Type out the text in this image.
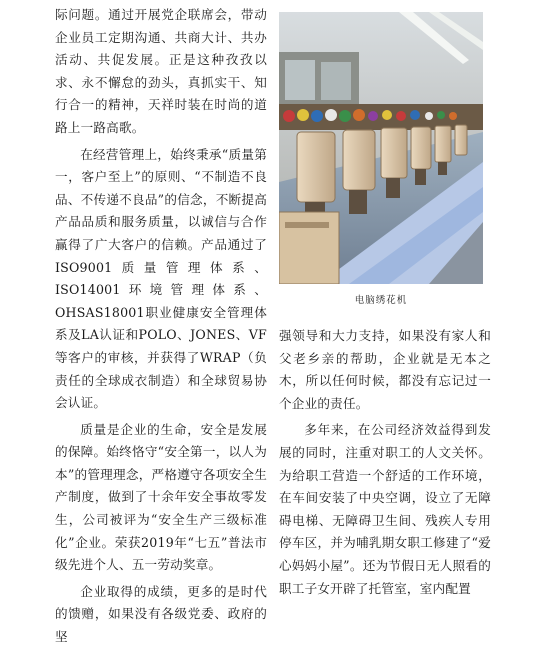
际问题。通过开展党企联席会，带动企业员工定期沟通、共商大计、共办活动、共促发展。正是这种孜孜以求、永不懈怠的劲头，真抓实干、知行合一的精神，天祥时装在时尚的道路上一路高歌。

在经营管理上，始终秉承“质量第一，客户至上”的原则、“不制造不良品、不传递不良品”的信念，不断提高产品品质和服务质量，以诚信与合作赢得了广大客户的信赖。产品通过了ISO9001质量管理体系、ISO14001环境管理体系、OHSAS18001职业健康安全管理体系及LA认证和POLO、JONES、VF等客户的审核，并获得了WRAP（负责任的全球成衣制造）和全球贸易协会认证。

质量是企业的生命，安全是发展的保障。始终恪守“安全第一，以人为本”的管理理念，严格遵守各项安全生产制度，做到了十余年安全事故零发生，公司被评为“安全生产三级标准化”企业。荣获2019年“七五”普法市级先进个人、五一劳动奖章。

企业取得的成绩，更多的是时代的馈赠，如果没有各级党委、政府的坚

电脑绣花机

强领导和大力支持，如果没有家人和父老乡亲的帮助，企业就是无本之木，所以任何时候，都没有忘记过一个企业的责任。

多年来，在公司经济效益得到发展的同时，注重对职工的人文关怀。为给职工营造一个舒适的工作环境，在车间安装了中央空调，设立了无障碍电梯、无障碍卫生间、残疾人专用停车区，并为哺乳期女职工修建了“爱心妈妈小屋”。还为节假日无人照看的职工子女开辟了托管室，室内配置
